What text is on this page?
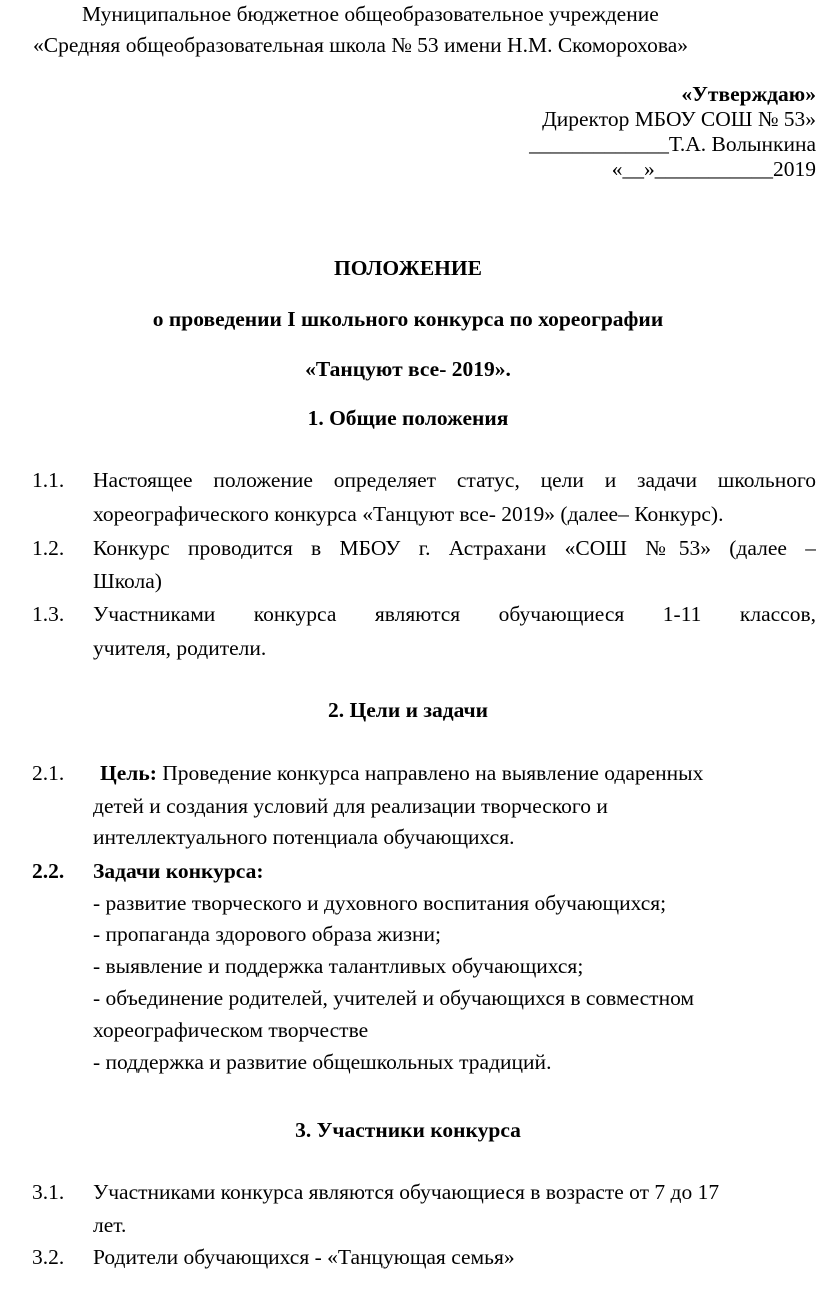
Муниципальное бюджетное общеобразовательное учреждение
«Средняя общеобразовательная школа № 53 имени Н.М. Скоморохова»
«Утверждаю»
Директор МБОУ СОШ № 53»
_____________Т.А. Волынкина
«__»___________2019
ПОЛОЖЕНИЕ
о проведении I школьного конкурса по хореографии
«Танцуют все- 2019».
1. Общие положения
1.1. Настоящее положение определяет статус, цели и задачи школьного
хореографического конкурса «Танцуют все- 2019» (далее– Конкурс).
1.2. Конкурс проводится в МБОУ г. Астрахани «СОШ №53» (далее –
Школа)
1.3. Участниками конкурса являются обучающиеся 1-11 классов,
учителя, родители.
2. Цели и задачи
2.1. Цель: Проведение конкурса направлено на выявление одаренных
детей и создания условий для реализации творческого и
интеллектуального потенциала обучающихся.
2.2. Задачи конкурса:
- развитие творческого и духовного воспитания обучающихся;
- пропаганда здорового образа жизни;
- выявление и поддержка талантливых обучающихся;
- объединение родителей, учителей и обучающихся в совместном
хореографическом творчестве
- поддержка и развитие общешкольных традиций.
3. Участники конкурса
3.1. Участниками конкурса являются обучающиеся в возрасте от 7 до 17
лет.
3.2. Родители обучающихся - «Танцующая семья»
